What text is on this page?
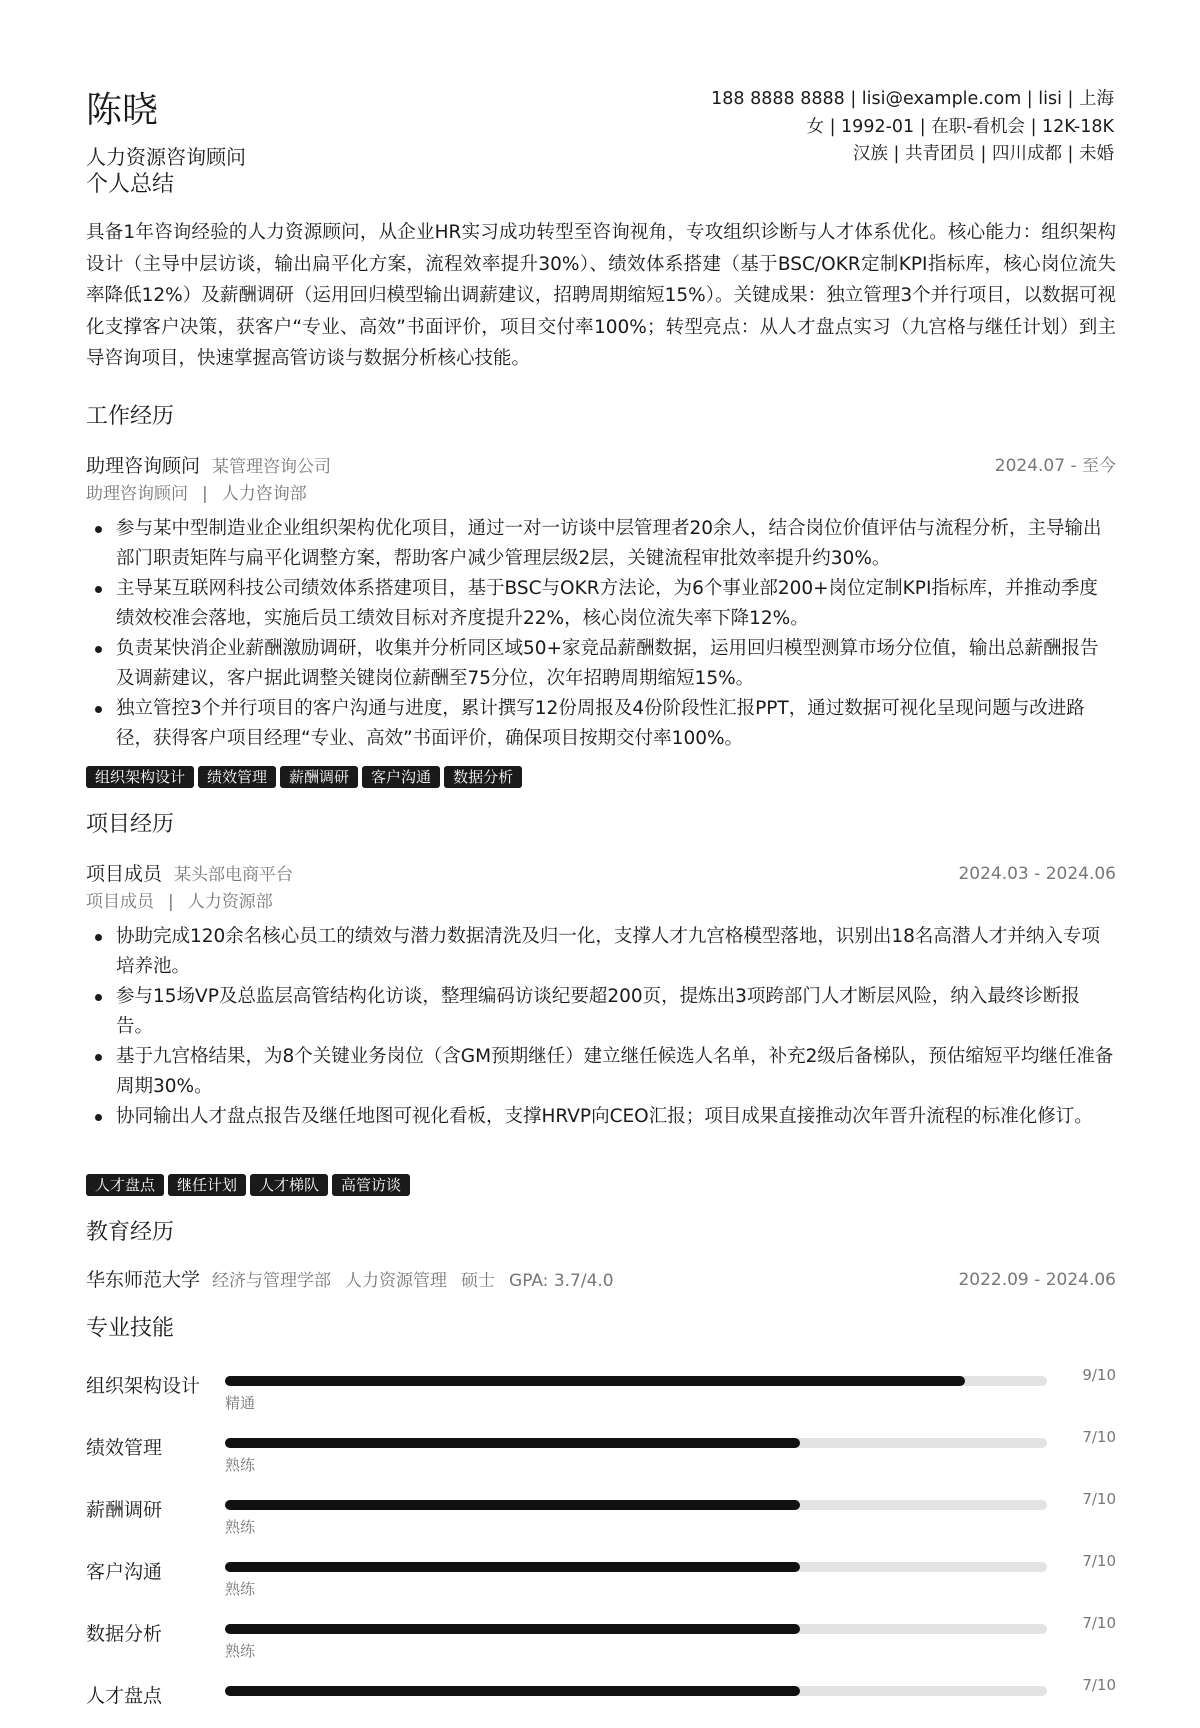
陈晓
人力资源咨询顾问
188 8888 8888 | lisi@example.com | lisi | 上海
女 | 1992-01 | 在职-看机会 | 12K-18K
汉族 | 共青团员 | 四川成都 | 未婚
个人总结
具备1年咨询经验的人力资源顾问，从企业HR实习成功转型至咨询视角，专攻组织诊断与人才体系优化。核心能力：组织架构设计（主导中层访谈，输出扁平化方案，流程效率提升30%）、绩效体系搭建（基于BSC/OKR定制KPI指标库，核心岗位流失率降低12%）及薪酬调研（运用回归模型输出调薪建议，招聘周期缩短15%）。关键成果：独立管理3个并行项目，以数据可视化支撑客户决策，获客户“专业、高效”书面评价，项目交付率100%；转型亮点：从人才盘点实习（九宫格与继任计划）到主导咨询项目，快速掌握高管访谈与数据分析核心技能。
工作经历
助理咨询顾问 某管理咨询公司	2024.07 - 至今
助理咨询顾问 | 人力咨询部
参与某中型制造业企业组织架构优化项目，通过一对一访谈中层管理者20余人，结合岗位价值评估与流程分析，主导输出部门职责矩阵与扁平化调整方案，帮助客户减少管理层级2层，关键流程审批效率提升约30%。
主导某互联网科技公司绩效体系搭建项目，基于BSC与OKR方法论，为6个事业部200+岗位定制KPI指标库，并推动季度绩效校准会落地，实施后员工绩效目标对齐度提升22%，核心岗位流失率下降12%。
负责某快消企业薪酬激励调研，收集并分析同区域50+家竞品薪酬数据，运用回归模型测算市场分位值，输出总薪酬报告及调薪建议，客户据此调整关键岗位薪酬至75分位，次年招聘周期缩短15%。
独立管控3个并行项目的客户沟通与进度，累计撰写12份周报及4份阶段性汇报PPT，通过数据可视化呈现问题与改进路径，获得客户项目经理“专业、高效”书面评价，确保项目按期交付率100%。
组织架构设计 绩效管理 薪酬调研 客户沟通 数据分析
项目经历
项目成员 某头部电商平台	2024.03 - 2024.06
项目成员 | 人力资源部
协助完成120余名核心员工的绩效与潜力数据清洗及归一化，支撑人才九宫格模型落地，识别出18名高潜人才并纳入专项培养池。
参与15场VP及总监层高管结构化访谈，整理编码访谈纪要超200页，提炼出3项跨部门人才断层风险，纳入最终诊断报告。
基于九宫格结果，为8个关键业务岗位（含GM预期继任）建立继任候选人名单，补充2级后备梯队，预估缩短平均继任准备周期30%。
协同输出人才盘点报告及继任地图可视化看板，支撑HRVP向CEO汇报；项目成果直接推动次年晋升流程的标准化修订。
人才盘点 继任计划 人才梯队 高管访谈
教育经历
华东师范大学 经济与管理学部 人力资源管理 硕士 GPA: 3.7/4.0	2022.09 - 2024.06
专业技能
组织架构设计	9/10
精通
绩效管理	7/10
熟练
薪酬调研	7/10
熟练
客户沟通	7/10
熟练
数据分析	7/10
熟练
人才盘点	7/10
